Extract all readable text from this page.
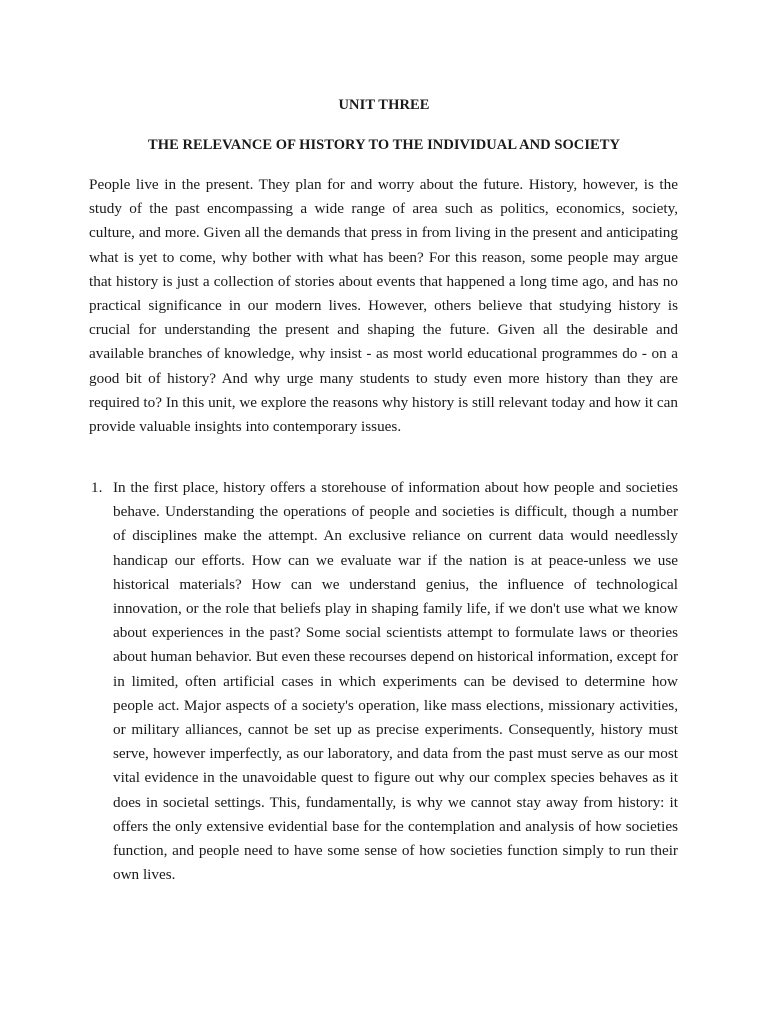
UNIT THREE
THE RELEVANCE OF HISTORY TO THE INDIVIDUAL AND SOCIETY

People live in the present. They plan for and worry about the future. History, however, is the study of the past encompassing a wide range of area such as politics, economics, society, culture, and more. Given all the demands that press in from living in the present and anticipating what is yet to come, why bother with what has been? For this reason, some people may argue that history is just a collection of stories about events that happened a long time ago, and has no practical significance in our modern lives. However, others believe that studying history is crucial for understanding the present and shaping the future. Given all the desirable and available branches of knowledge, why insist - as most world educational programmes do - on a good bit of history? And why urge many students to study even more history than they are required to? In this unit, we explore the reasons why history is still relevant today and how it can provide valuable insights into contemporary issues.

1. In the first place, history offers a storehouse of information about how people and societies behave. Understanding the operations of people and societies is difficult, though a number of disciplines make the attempt. An exclusive reliance on current data would needlessly handicap our efforts. How can we evaluate war if the nation is at peace-unless we use historical materials? How can we understand genius, the influence of technological innovation, or the role that beliefs play in shaping family life, if we don't use what we know about experiences in the past? Some social scientists attempt to formulate laws or theories about human behavior. But even these recourses depend on historical information, except for in limited, often artificial cases in which experiments can be devised to determine how people act. Major aspects of a society's operation, like mass elections, missionary activities, or military alliances, cannot be set up as precise experiments. Consequently, history must serve, however imperfectly, as our laboratory, and data from the past must serve as our most vital evidence in the unavoidable quest to figure out why our complex species behaves as it does in societal settings. This, fundamentally, is why we cannot stay away from history: it offers the only extensive evidential base for the contemplation and analysis of how societies function, and people need to have some sense of how societies function simply to run their own lives.
